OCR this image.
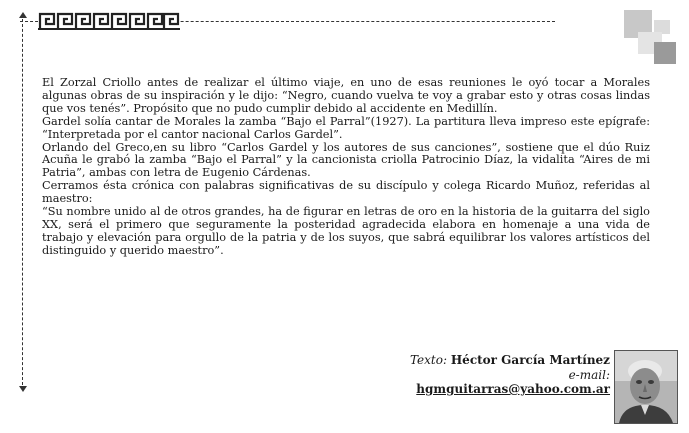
El Zorzal Criollo antes de realizar el último viaje, en uno de esas reuniones le oyó tocar a Morales algunas obras de su inspiración y le dijo: “Negro, cuando vuelva te voy a grabar esto y otras cosas lindas que vos tenés”. Propósito que no pudo cumplir debido al accidente en Medillín.

Gardel solía cantar de Morales la zamba “Bajo el Parral”(1927). La partitura lleva impreso este epígrafe: “Interpretada por el cantor nacional Carlos Gardel”.

Orlando del Greco,en su libro “Carlos Gardel y los autores de sus canciones”, sostiene que el dúo Ruiz Acuña le grabó la zamba “Bajo el Parral” y la cancionista criolla Patrocinio Díaz, la vidalita “Aires de mi Patria”, ambas con letra de Eugenio Cárdenas.

Cerramos ésta crónica con palabras significativas de su discípulo y colega Ricardo Muñoz, referidas al maestro:

“Su nombre unido al de otros grandes, ha de figurar en letras de oro en la historia de la guitarra del siglo XX, será el primero que seguramente la posteridad agradecida elabora en homenaje a una vida de trabajo y elevación para orgullo de la patria y de los suyos, que sabrá equilibrar los valores artísticos del distinguido y querido maestro”.

Texto: Héctor García Martínez
e-mail:
hgmguitarras@yahoo.com.ar
